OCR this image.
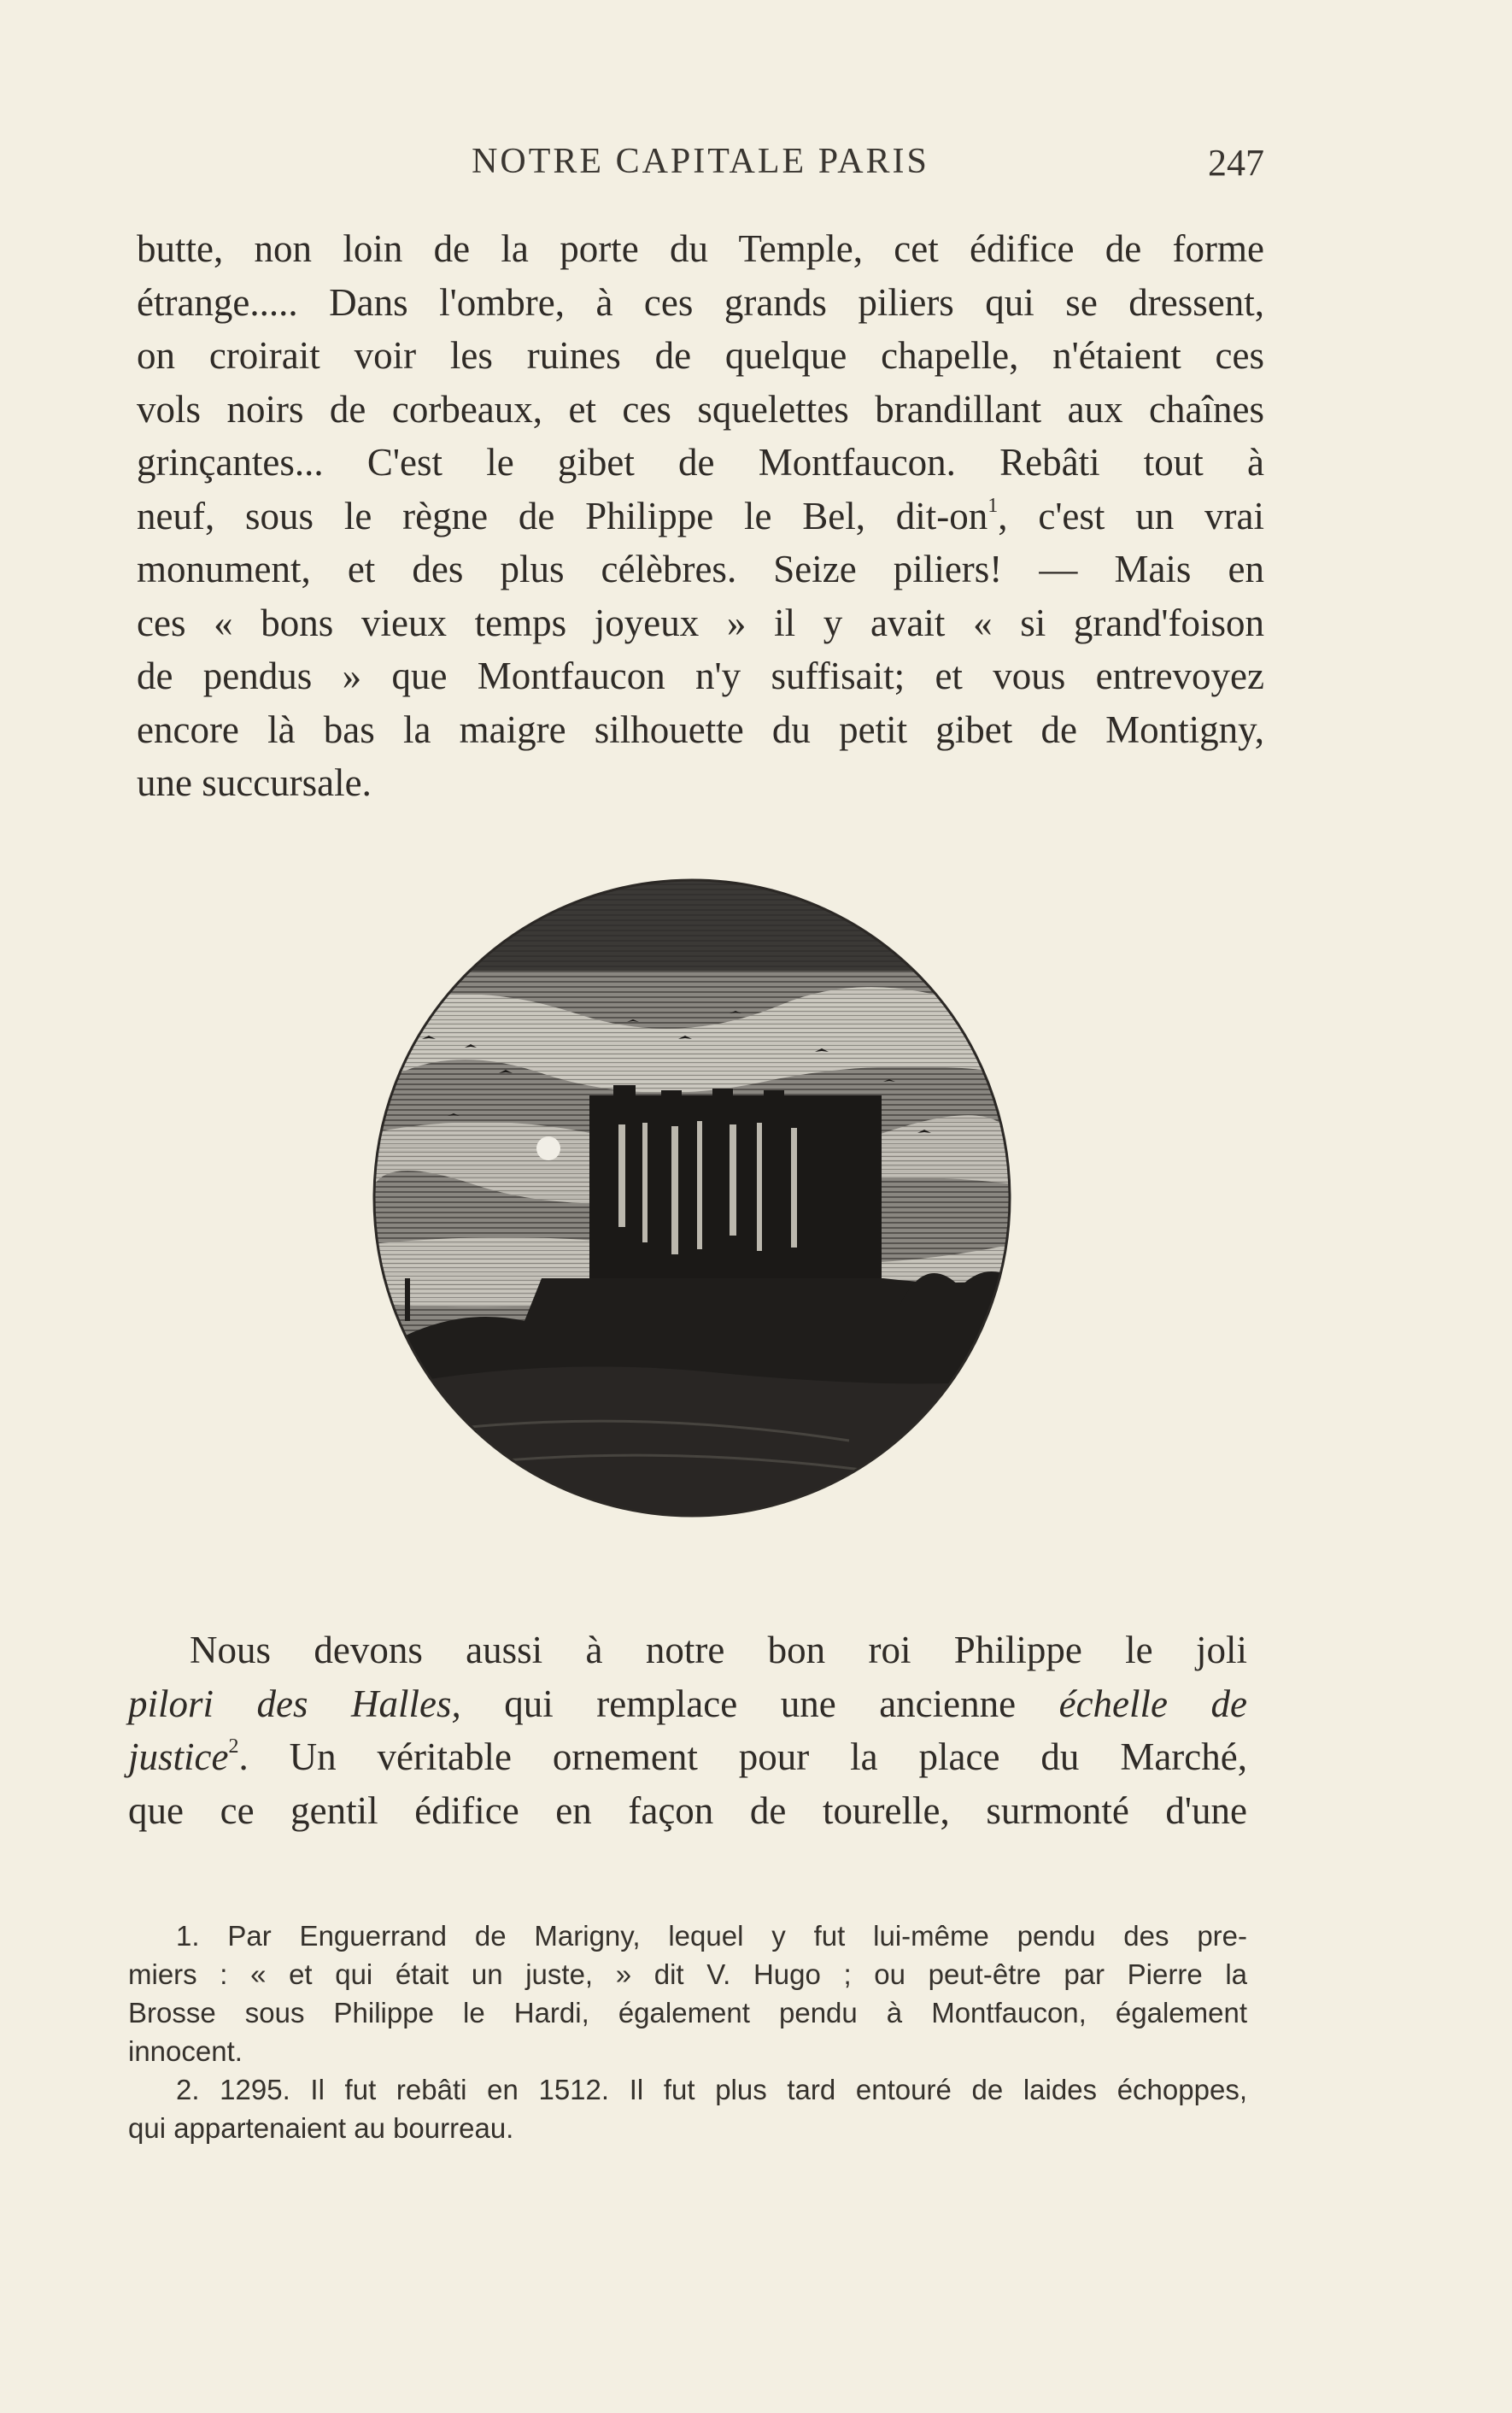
NOTRE CAPITALE PARIS	247
butte, non loin de la porte du Temple, cet édifice de forme
étrange..... Dans l'ombre, à ces grands piliers qui se dressent,
on croirait voir les ruines de quelque chapelle, n'étaient ces
vols noirs de corbeaux, et ces squelettes brandillant aux chaînes
grinçantes... C'est le gibet de Montfaucon. Rebâti tout à
neuf, sous le règne de Philippe le Bel, dit-$on^1$, c'est un vrai
monument, et des plus célèbres. Seize piliers! — Mais en
ces « bons vieux temps joyeux » il y avait « si grand'foison
de pendus » que Montfaucon n'y suffisait; et vous entrevoyez
encore là bas la maigre silhouette du petit gibet de Montigny,
une succursale.
Nous devons aussi à notre bon roi Philippe le joli
pilori des Halles, qui remplace une ancienne échelle de
justice$^2$. Un véritable ornement pour la place du Marché,
que ce gentil édifice en façon de tourelle, surmonté d'une
1. Par Enguerrand de Marigny, lequel y fut lui-même pendu des pre-
miers : « et qui était un juste, » dit V. Hugo ; ou peut-être par Pierre la
Brosse sous Philippe le Hardi, également pendu à Montfaucon, également
innocent.
2. 1295. Il fut rebâti en 1512. Il fut plus tard entouré de laides échoppes,
qui appartenaient au bourreau.
